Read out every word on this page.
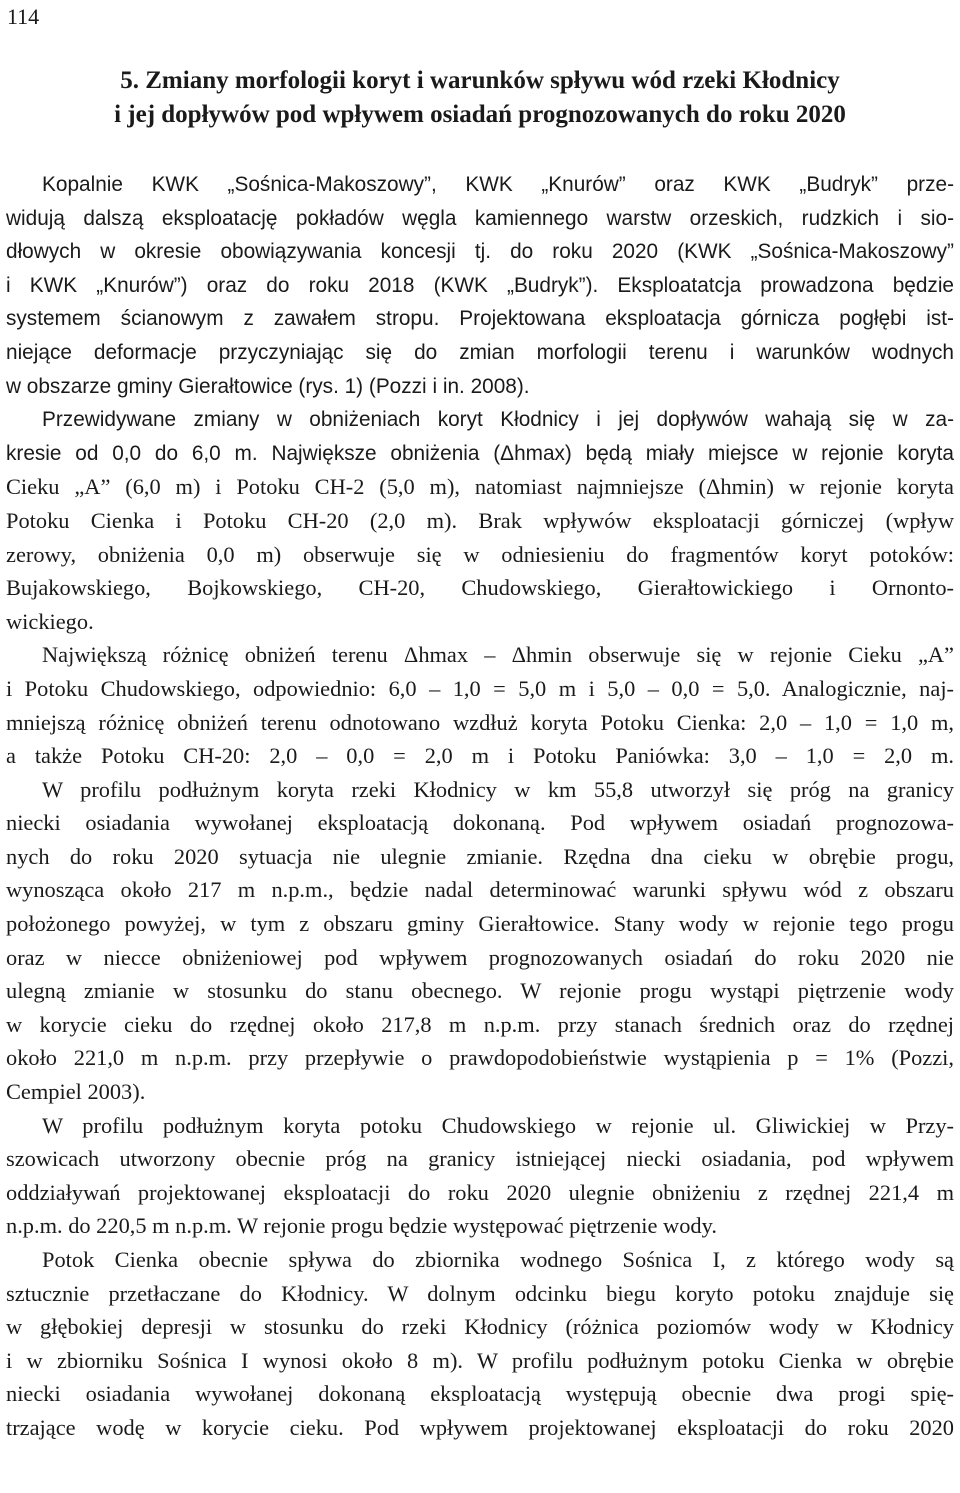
114
5. Zmiany morfologii koryt i warunków spływu wód rzeki Kłodnicy
i jej dopływów pod wpływem osiadań prognozowanych do roku 2020
Kopalnie KWK „Sośnica-Makoszowy”, KWK „Knurów” oraz KWK „Budryk” prze-
widują dalszą eksploatację pokładów węgla kamiennego warstw orzeskich, rudzkich i sio-
dłowych w okresie obowiązywania koncesji tj. do roku 2020 (KWK „Sośnica-Makoszowy”
i KWK „Knurów”) oraz do roku 2018 (KWK „Budryk”). Eksploatatcja prowadzona będzie
systemem ścianowym z zawałem stropu. Projektowana eksploatacja górnicza pogłębi ist-
niejące deformacje przyczyniając się do zmian morfologii terenu i warunków wodnych
w obszarze gminy Gierałtowice (rys. 1) (Pozzi i in. 2008).
Przewidywane zmiany w obniżeniach koryt Kłodnicy i jej dopływów wahają się w za-
kresie od 0,0 do 6,0 m. Największe obniżenia (Δhmax) będą miały miejsce w rejonie koryta
Cieku „A” (6,0 m) i Potoku CH-2 (5,0 m), natomiast najmniejsze (Δhmin) w rejonie koryta
Potoku Cienka i Potoku CH-20 (2,0 m). Brak wpływów eksploatacji górniczej (wpływ
zerowy, obniżenia 0,0 m) obserwuje się w odniesieniu do fragmentów koryt potoków:
Bujakowskiego, Bojkowskiego, CH-20, Chudowskiego, Gierałtowickiego i Ornonto-
wickiego.
Największą różnicę obniżeń terenu Δhmax – Δhmin obserwuje się w rejonie Cieku „A”
i Potoku Chudowskiego, odpowiednio: 6,0 – 1,0 = 5,0 m i 5,0 – 0,0 = 5,0. Analogicznie, naj-
mniejszą różnicę obniżeń terenu odnotowano wzdłuż koryta Potoku Cienka: 2,0 – 1,0 = 1,0 m,
a także Potoku CH-20: 2,0 – 0,0 = 2,0 m i Potoku Paniówka: 3,0 – 1,0 = 2,0 m.
W profilu podłużnym koryta rzeki Kłodnicy w km 55,8 utworzył się próg na granicy
niecki osiadania wywołanej eksploatacją dokonaną. Pod wpływem osiadań prognozowa-
nych do roku 2020 sytuacja nie ulegnie zmianie. Rzędna dna cieku w obrębie progu,
wynosząca około 217 m n.p.m., będzie nadal determinować warunki spływu wód z obszaru
położonego powyżej, w tym z obszaru gminy Gierałtowice. Stany wody w rejonie tego progu
oraz w niecce obniżeniowej pod wpływem prognozowanych osiadań do roku 2020 nie
ulegną zmianie w stosunku do stanu obecnego. W rejonie progu wystąpi piętrzenie wody
w korycie cieku do rzędnej około 217,8 m n.p.m. przy stanach średnich oraz do rzędnej
około 221,0 m n.p.m. przy przepływie o prawdopodobieństwie wystąpienia p = 1% (Pozzi,
Cempiel 2003).
W profilu podłużnym koryta potoku Chudowskiego w rejonie ul. Gliwickiej w Przy-
szowicach utworzony obecnie próg na granicy istniejącej niecki osiadania, pod wpływem
oddziaływań projektowanej eksploatacji do roku 2020 ulegnie obniżeniu z rzędnej 221,4 m
n.p.m. do 220,5 m n.p.m. W rejonie progu będzie występować piętrzenie wody.
Potok Cienka obecnie spływa do zbiornika wodnego Sośnica I, z którego wody są
sztucznie przetłaczane do Kłodnicy. W dolnym odcinku biegu koryto potoku znajduje się
w głębokiej depresji w stosunku do rzeki Kłodnicy (różnica poziomów wody w Kłodnicy
i w zbiorniku Sośnica I wynosi około 8 m). W profilu podłużnym potoku Cienka w obrębie
niecki osiadania wywołanej dokonaną eksploatacją występują obecnie dwa progi spię-
trzające wodę w korycie cieku. Pod wpływem projektowanej eksploatacji do roku 2020
